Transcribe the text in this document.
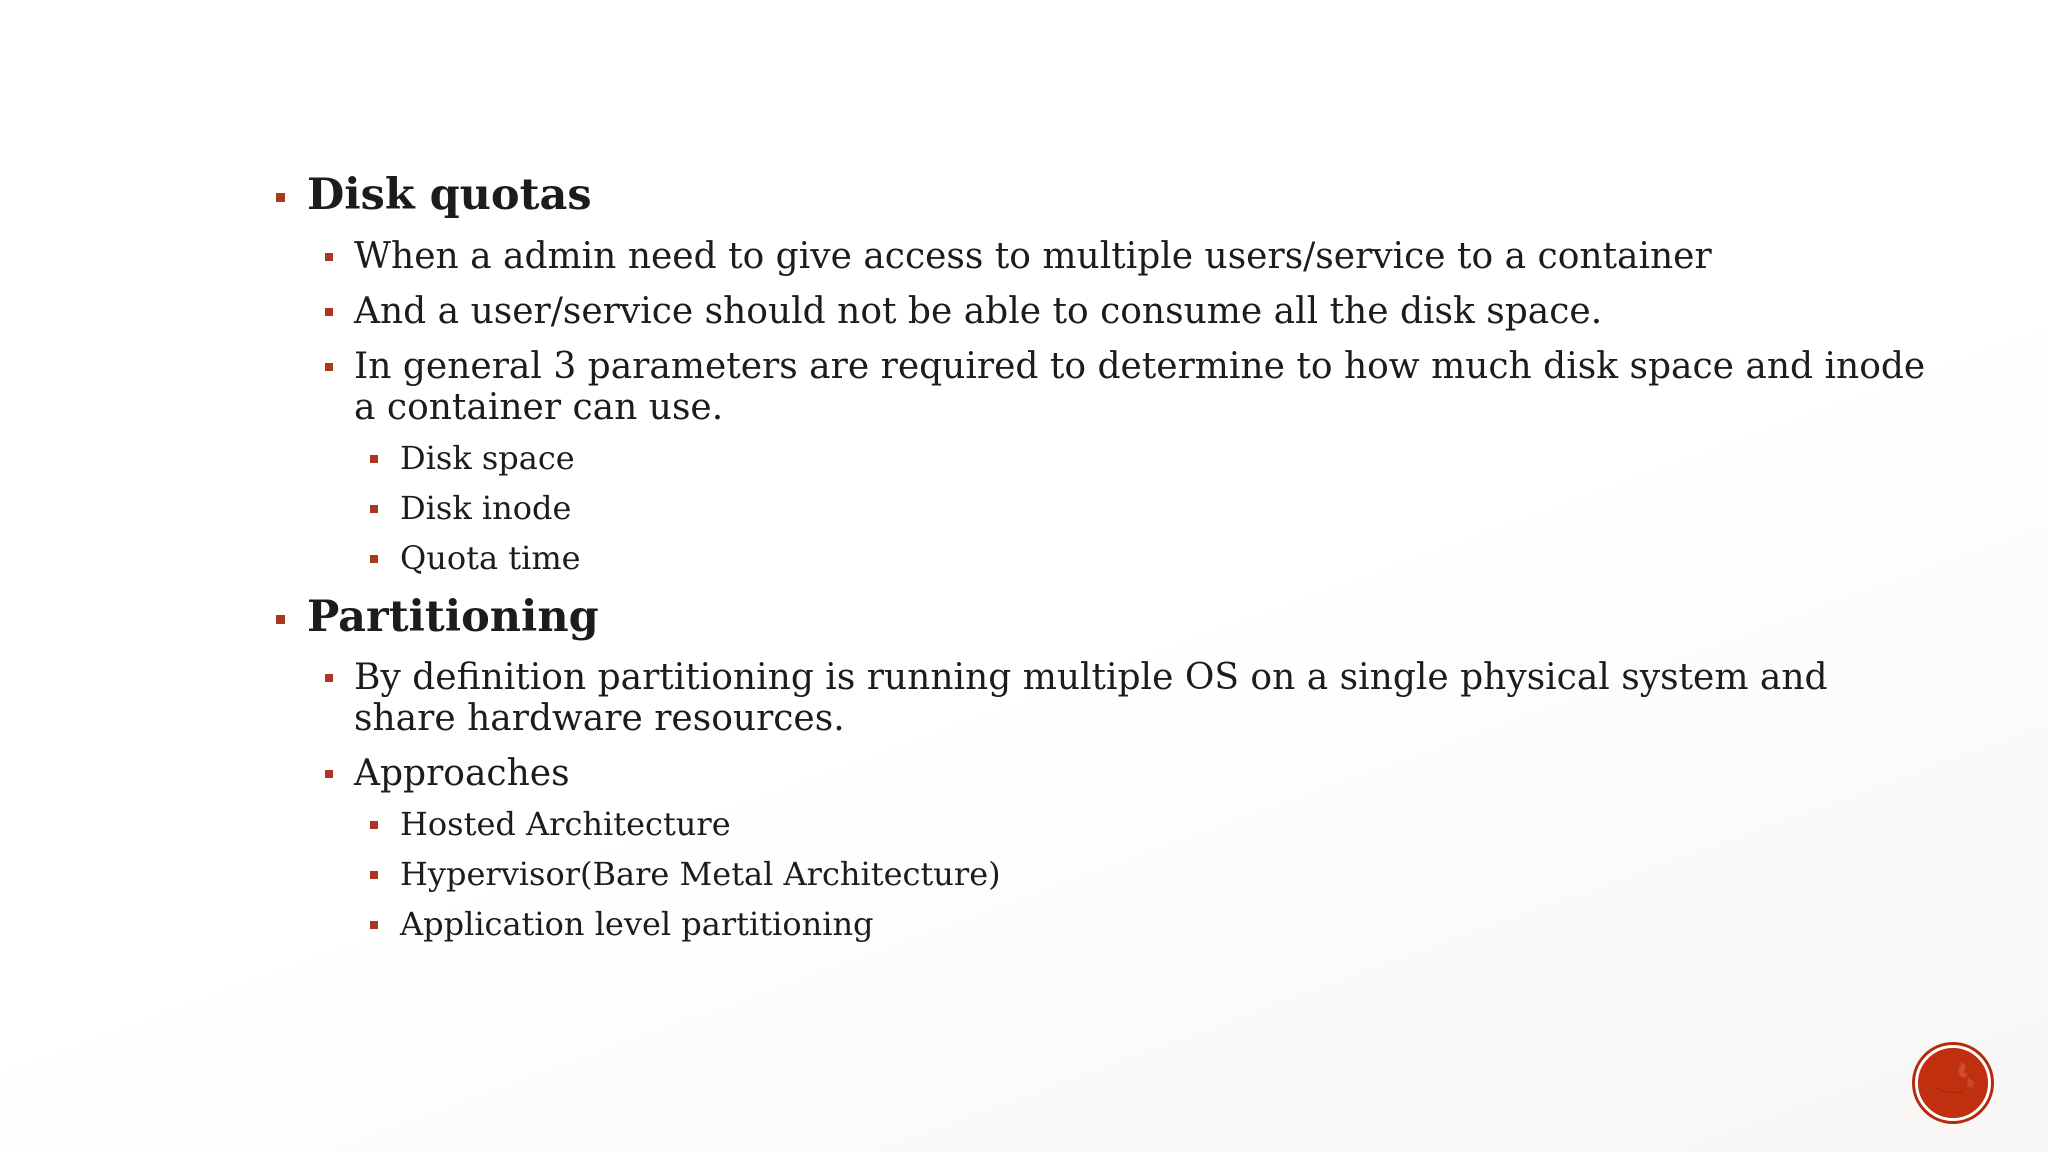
Disk quotas
When a admin need to give access to multiple users/service to a container
And a user/service should not be able to consume all the disk space.
In general 3 parameters are required to determine to how much disk space and inode a container can use.
Disk space
Disk inode
Quota time
Partitioning
By definition partitioning is running multiple OS on a single physical system and share hardware resources.
Approaches
Hosted Architecture
Hypervisor(Bare Metal Architecture)
Application level partitioning
